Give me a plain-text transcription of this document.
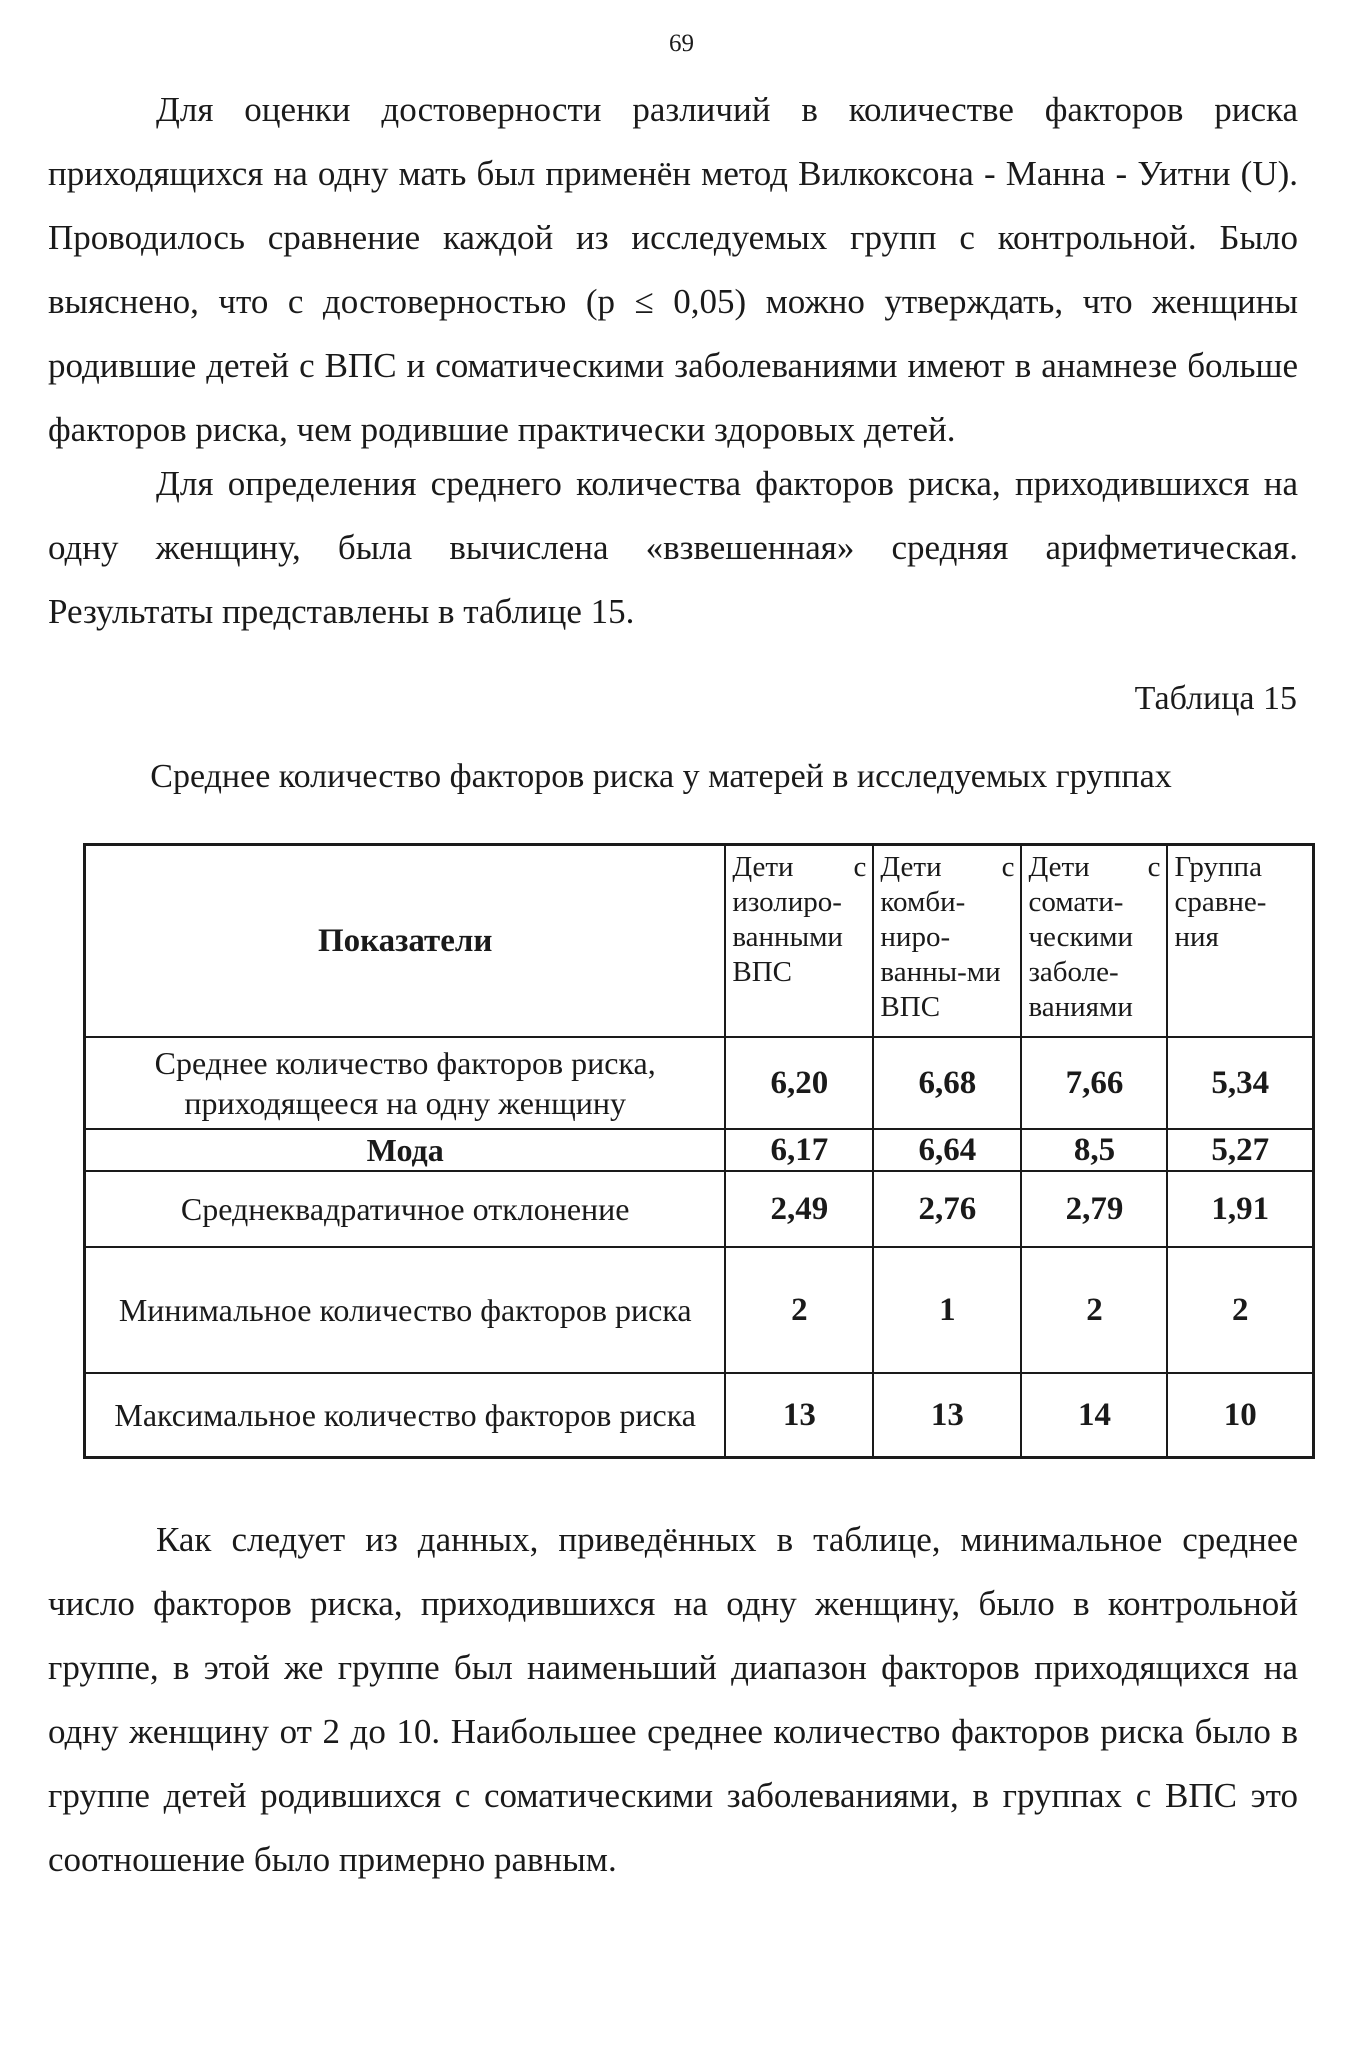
69

Для оценки достоверности различий в количестве факторов риска приходящихся на одну мать был применён метод Вилкоксона - Манна - Уитни (U). Проводилось сравнение каждой из исследуемых групп с контрольной. Было выяснено, что с достоверностью (р ≤ 0,05) можно утверждать, что женщины родившие детей с ВПС и соматическими заболеваниями имеют в анамнезе больше факторов риска, чем родившие практически здоровых детей.

Для определения среднего количества факторов риска, приходившихся на одну женщину, была вычислена «взвешенная» средняя арифметическая. Результаты представлены в таблице 15.

Таблица 15
Среднее количество факторов риска у матерей в исследуемых группах
Показатели	Дети с изолиро-ванными ВПС	Дети с комби-ниро-ванны-ми ВПС	Дети с сомати-ческими заболе-ваниями	Группа сравне-ния

Среднее количество факторов риска, приходящееся на одну женщину	6,20	6,68	7,66	5,34
Мода	6,17	6,64	8,5	5,27
Среднеквадратичное отклонение	2,49	2,76	2,79	1,91
Минимальное количество факторов риска	2	1	2	2
Максимальное количество факторов риска	13	13	14	10

Как следует из данных, приведённых в таблице, минимальное среднее число факторов риска, приходившихся на одну женщину, было в контрольной группе, в этой же группе был наименьший диапазон факторов приходящихся на одну женщину от 2 до 10. Наибольшее среднее количество факторов риска было в группе детей родившихся с соматическими заболеваниями, в группах с ВПС это соотношение было примерно равным.
